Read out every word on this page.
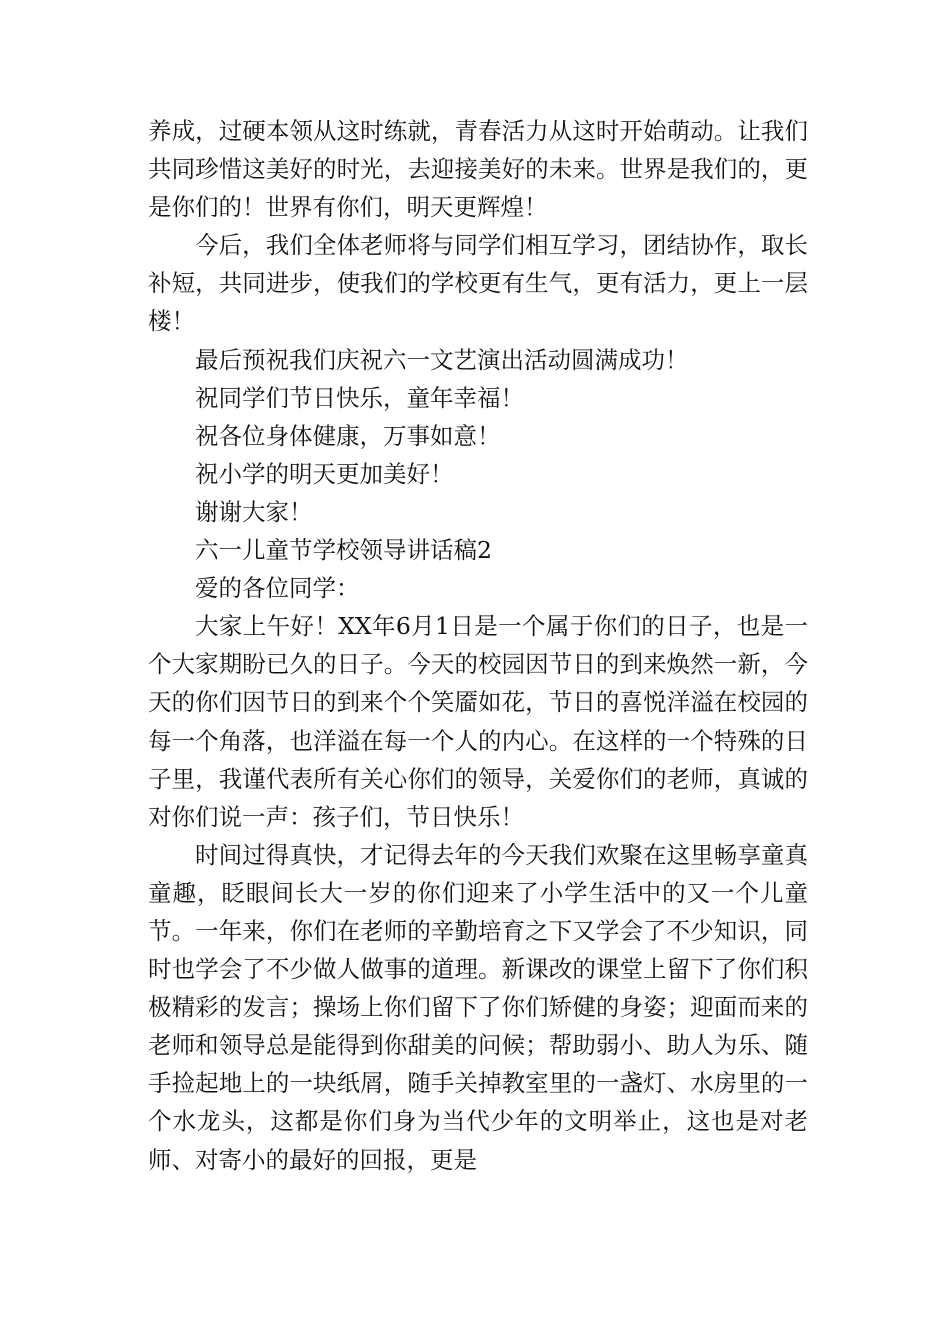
养成，过硬本领从这时练就，青春活力从这时开始萌动。让我们共同珍惜这美好的时光，去迎接美好的未来。世界是我们的，更是你们的！世界有你们，明天更辉煌！

今后，我们全体老师将与同学们相互学习，团结协作，取长补短，共同进步，使我们的学校更有生气，更有活力，更上一层楼！

最后预祝我们庆祝六一文艺演出活动圆满成功！

祝同学们节日快乐，童年幸福！

祝各位身体健康，万事如意！

祝小学的明天更加美好！

谢谢大家！

六一儿童节学校领导讲话稿2

爱的各位同学：

大家上午好！XX年6月1日是一个属于你们的日子，也是一个大家期盼已久的日子。今天的校园因节日的到来焕然一新，今天的你们因节日的到来个个笑靥如花，节日的喜悦洋溢在校园的每一个角落，也洋溢在每一个人的内心。在这样的一个特殊的日子里，我谨代表所有关心你们的领导，关爱你们的老师，真诚的对你们说一声：孩子们，节日快乐！

时间过得真快，才记得去年的今天我们欢聚在这里畅享童真童趣，眨眼间长大一岁的你们迎来了小学生活中的又一个儿童节。一年来，你们在老师的辛勤培育之下又学会了不少知识，同时也学会了不少做人做事的道理。新课改的课堂上留下了你们积极精彩的发言；操场上你们留下了你们矫健的身姿；迎面而来的老师和领导总是能得到你甜美的问候；帮助弱小、助人为乐、随手捡起地上的一块纸屑，随手关掉教室里的一盏灯、水房里的一个水龙头，这都是你们身为当代少年的文明举止，这也是对老师、对寄小的最好的回报，更是
